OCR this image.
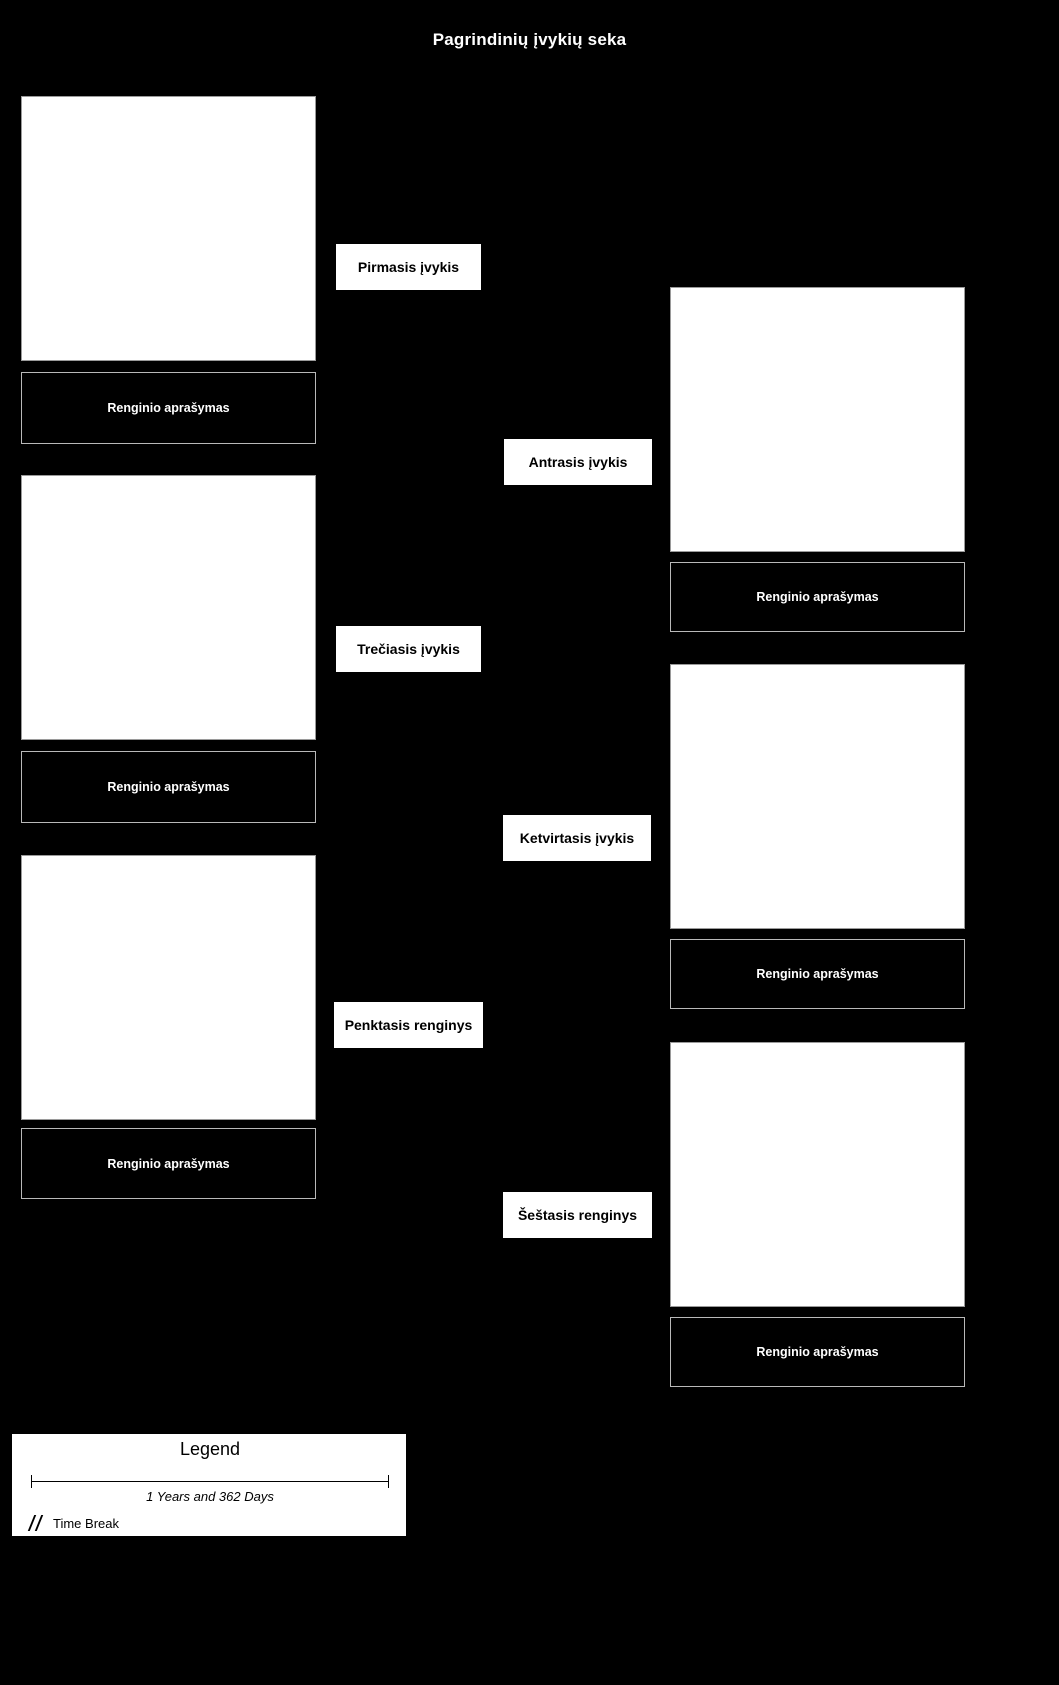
Pagrindinių įvykių seka
Renginio aprašymas
Pirmasis įvykis
Renginio aprašymas
Antrasis įvykis
Renginio aprašymas
Trečiasis įvykis
Renginio aprašymas
Ketvirtasis įvykis
Renginio aprašymas
Penktasis renginys
Renginio aprašymas
Šeštasis renginys
Legend
1 Years and 362 Days
Time Break
